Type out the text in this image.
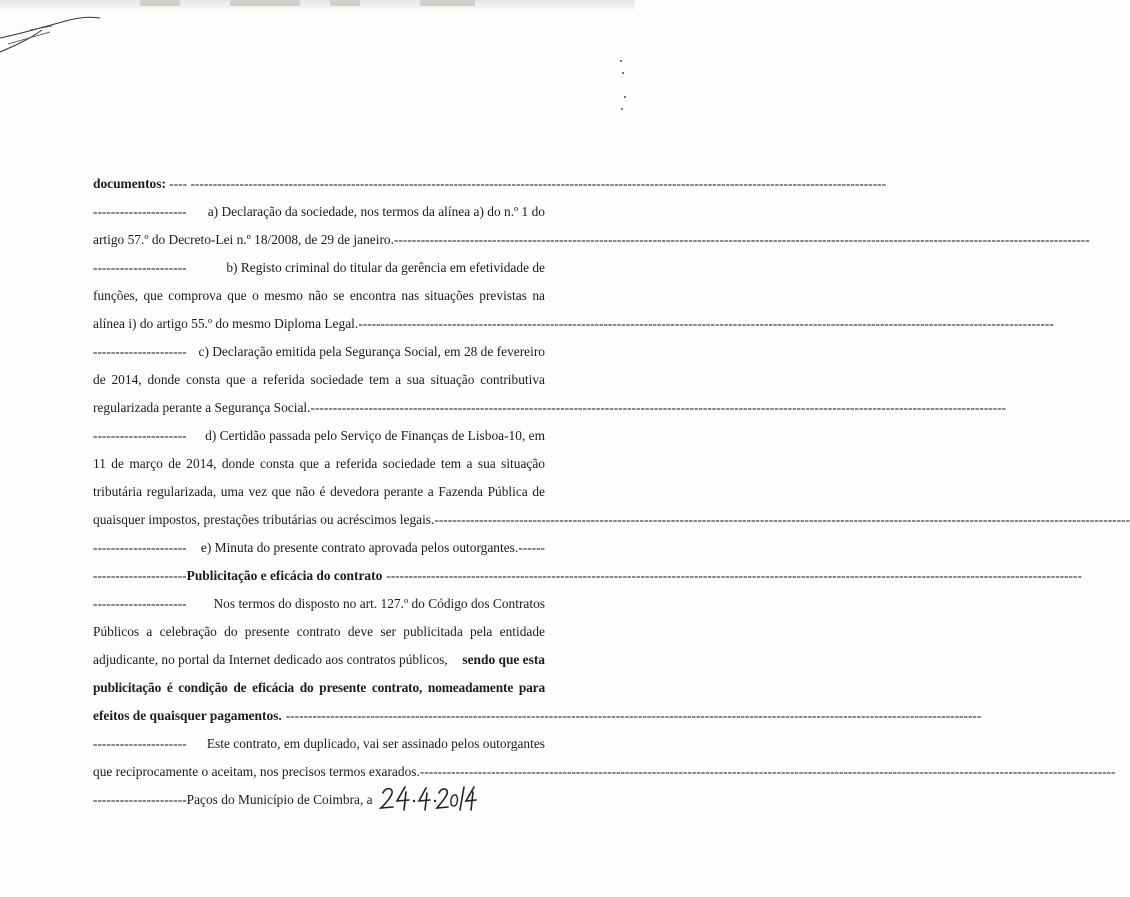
documentos: ---- ------------------------------------------------------------------------------------------------------------------------------------------------------------
--------------------- a) Declaração da sociedade, nos termos da alínea a) do n.º 1 do
artigo 57.º do Decreto-Lei n.º 18/2008, de 29 de janeiro. ------------------------------------------------------------------------------------------------------------------------------------------------------------
---------------------	b) Registo criminal do titular da gerência em efetividade de
funções, que comprova que o mesmo não se encontra nas situações previstas na
alínea i) do artigo 55.º do mesmo Diploma Legal. ------------------------------------------------------------------------------------------------------------------------------------------------------------
--------------------- c) Declaração emitida pela Segurança Social, em 28 de fevereiro
de 2014, donde consta que a referida sociedade tem a sua situação contributiva
regularizada perante a Segurança Social. ------------------------------------------------------------------------------------------------------------------------------------------------------------
--------------------- d) Certidão passada pelo Serviço de Finanças de Lisboa-10, em
11 de março de 2014, donde consta que a referida sociedade tem a sua situação
tributária regularizada, uma vez que não é devedora perante a Fazenda Pública de
quaisquer impostos, prestações tributárias ou acréscimos legais. ------------------------------------------------------------------------------------------------------------------------------------------------------------
--------------------- e) Minuta do presente contrato aprovada pelos outorgantes.------
--------------------- Publicitação e eficácia do contrato ------------------------------------------------------------------------------------------------------------------------------------------------------------
--------------------- Nos termos do disposto no art. 127.º do Código dos Contratos
Públicos a celebração do presente contrato deve ser publicitada pela entidade
adjudicante, no portal da Internet dedicado aos contratos públicos, sendo que esta
publicitação é condição de eficácia do presente contrato, nomeadamente para
efeitos de quaisquer pagamentos. ------------------------------------------------------------------------------------------------------------------------------------------------------------
--------------------- Este contrato, em duplicado, vai ser assinado pelos outorgantes
que reciprocamente o aceitam, nos precisos termos exarados. ------------------------------------------------------------------------------------------------------------------------------------------------------------
---------------------Paços do Município de Coimbra, a
